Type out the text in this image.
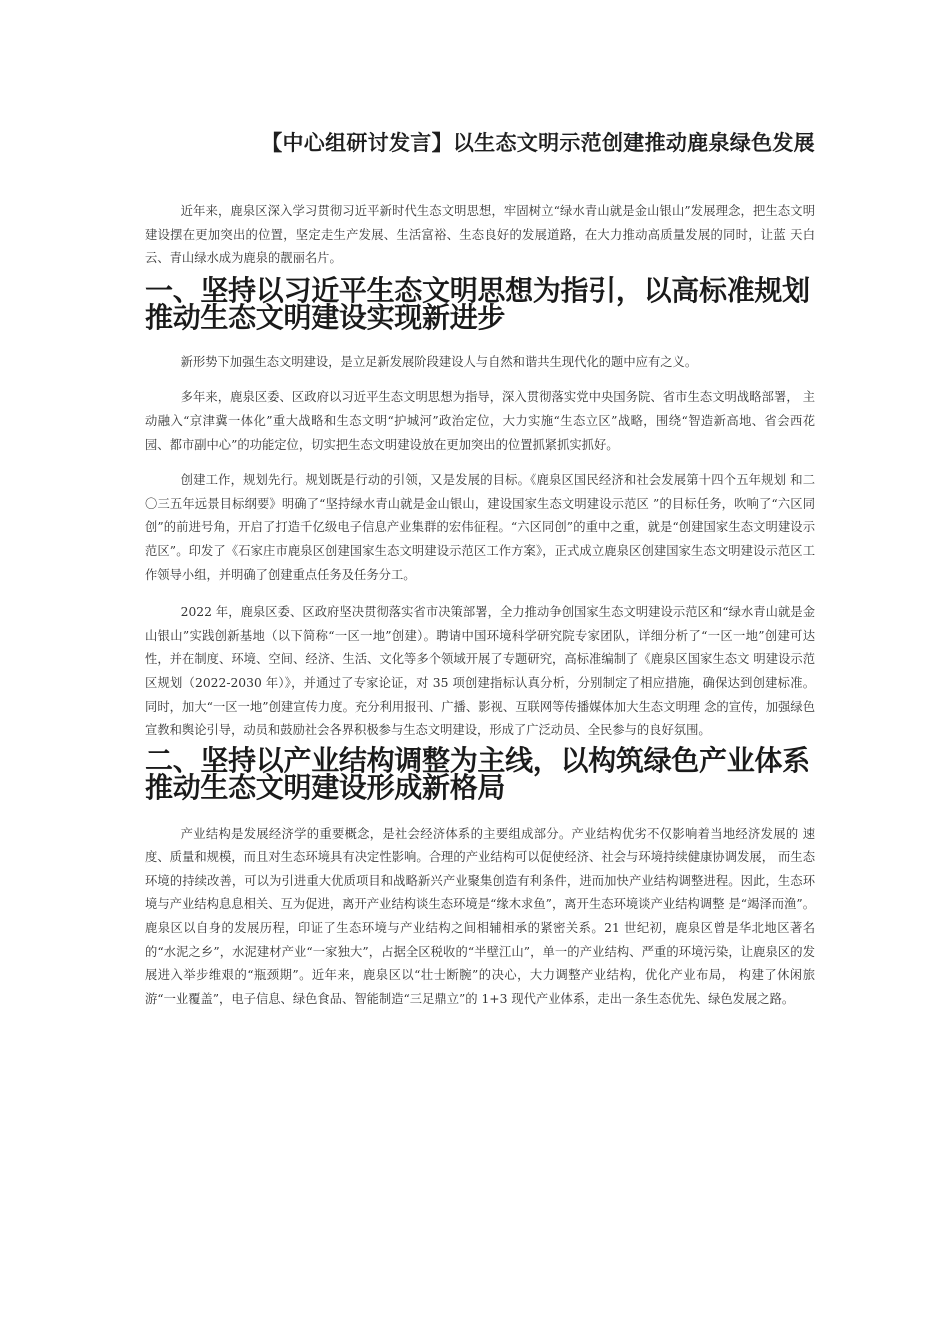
【中心组研讨发言】以生态文明示范创建推动鹿泉绿色发展

近年来，鹿泉区深入学习贯彻习近平新时代生态文明思想，牢固树立“绿水青山就是金山银山”发展理念，把生态文明建设摆在更加突出的位置，坚定走生产发展、生活富裕、生态良好的发展道路，在大力推动高质量发展的同时，让蓝 天白云、青山绿水成为鹿泉的靓丽名片。

一、坚持以习近平生态文明思想为指引，以高标准规划推动生态文明建设实现新进步

新形势下加强生态文明建设，是立足新发展阶段建设人与自然和谐共生现代化的题中应有之义。

多年来，鹿泉区委、区政府以习近平生态文明思想为指导，深入贯彻落实党中央国务院、省市生态文明战略部署， 主动融入“京津冀一体化”重大战略和生态文明“护城河”政治定位，大力实施“生态立区”战略，围绕“智造新高地、省会西花 园、都市副中心”的功能定位，切实把生态文明建设放在更加突出的位置抓紧抓实抓好。

创建工作，规划先行。规划既是行动的引领，又是发展的目标。《鹿泉区国民经济和社会发展第十四个五年规划 和二〇三五年远景目标纲要》明确了“坚持绿水青山就是金山银山，建设国家生态文明建设示范区 ”的目标任务，吹响了“六区同创”的前进号角，开启了打造千亿级电子信息产业集群的宏伟征程。“六区同创”的重中之重，就是“创建国家生态文明建设示范区”。印发了《石家庄市鹿泉区创建国家生态文明建设示范区工作方案》，正式成立鹿泉区创建国家生态文明建设示范区工作领导小组，并明确了创建重点任务及任务分工。

2022 年，鹿泉区委、区政府坚决贯彻落实省市决策部署，全力推动争创国家生态文明建设示范区和“绿水青山就是金山银山”实践创新基地（以下简称“一区一地”创建）。聘请中国环境科学研究院专家团队，详细分析了“一区一地”创建可达性，并在制度、环境、空间、经济、生活、文化等多个领域开展了专题研究，高标准编制了《鹿泉区国家生态文 明建设示范区规划（2022-2030 年）》，并通过了专家论证，对 35 项创建指标认真分析，分别制定了相应措施，确保达到创建标准。同时，加大“一区一地”创建宣传力度。充分利用报刊、广播、影视、互联网等传播媒体加大生态文明理 念的宣传，加强绿色宣教和舆论引导，动员和鼓励社会各界积极参与生态文明建设，形成了广泛动员、全民参与的良好氛围。

二、坚持以产业结构调整为主线，以构筑绿色产业体系推动生态文明建设形成新格局

产业结构是发展经济学的重要概念，是社会经济体系的主要组成部分。产业结构优劣不仅影响着当地经济发展的 速度、质量和规模，而且对生态环境具有决定性影响。合理的产业结构可以促使经济、社会与环境持续健康协调发展， 而生态环境的持续改善，可以为引进重大优质项目和战略新兴产业聚集创造有利条件，进而加快产业结构调整进程。因此，生态环境与产业结构息息相关、互为促进，离开产业结构谈生态环境是“缘木求鱼”，离开生态环境谈产业结构调整 是“竭泽而渔”。鹿泉区以自身的发展历程，印证了生态环境与产业结构之间相辅相承的紧密关系。21 世纪初，鹿泉区曾是华北地区著名的“水泥之乡”，水泥建材产业“一家独大”，占据全区税收的“半壁江山”，单一的产业结构、严重的环境污染，让鹿泉区的发展进入举步维艰的“瓶颈期”。近年来，鹿泉区以“壮士断腕”的决心，大力调整产业结构，优化产业布局， 构建了休闲旅游“一业覆盖”，电子信息、绿色食品、智能制造“三足鼎立”的 1+3 现代产业体系，走出一条生态优先、绿色发展之路。
